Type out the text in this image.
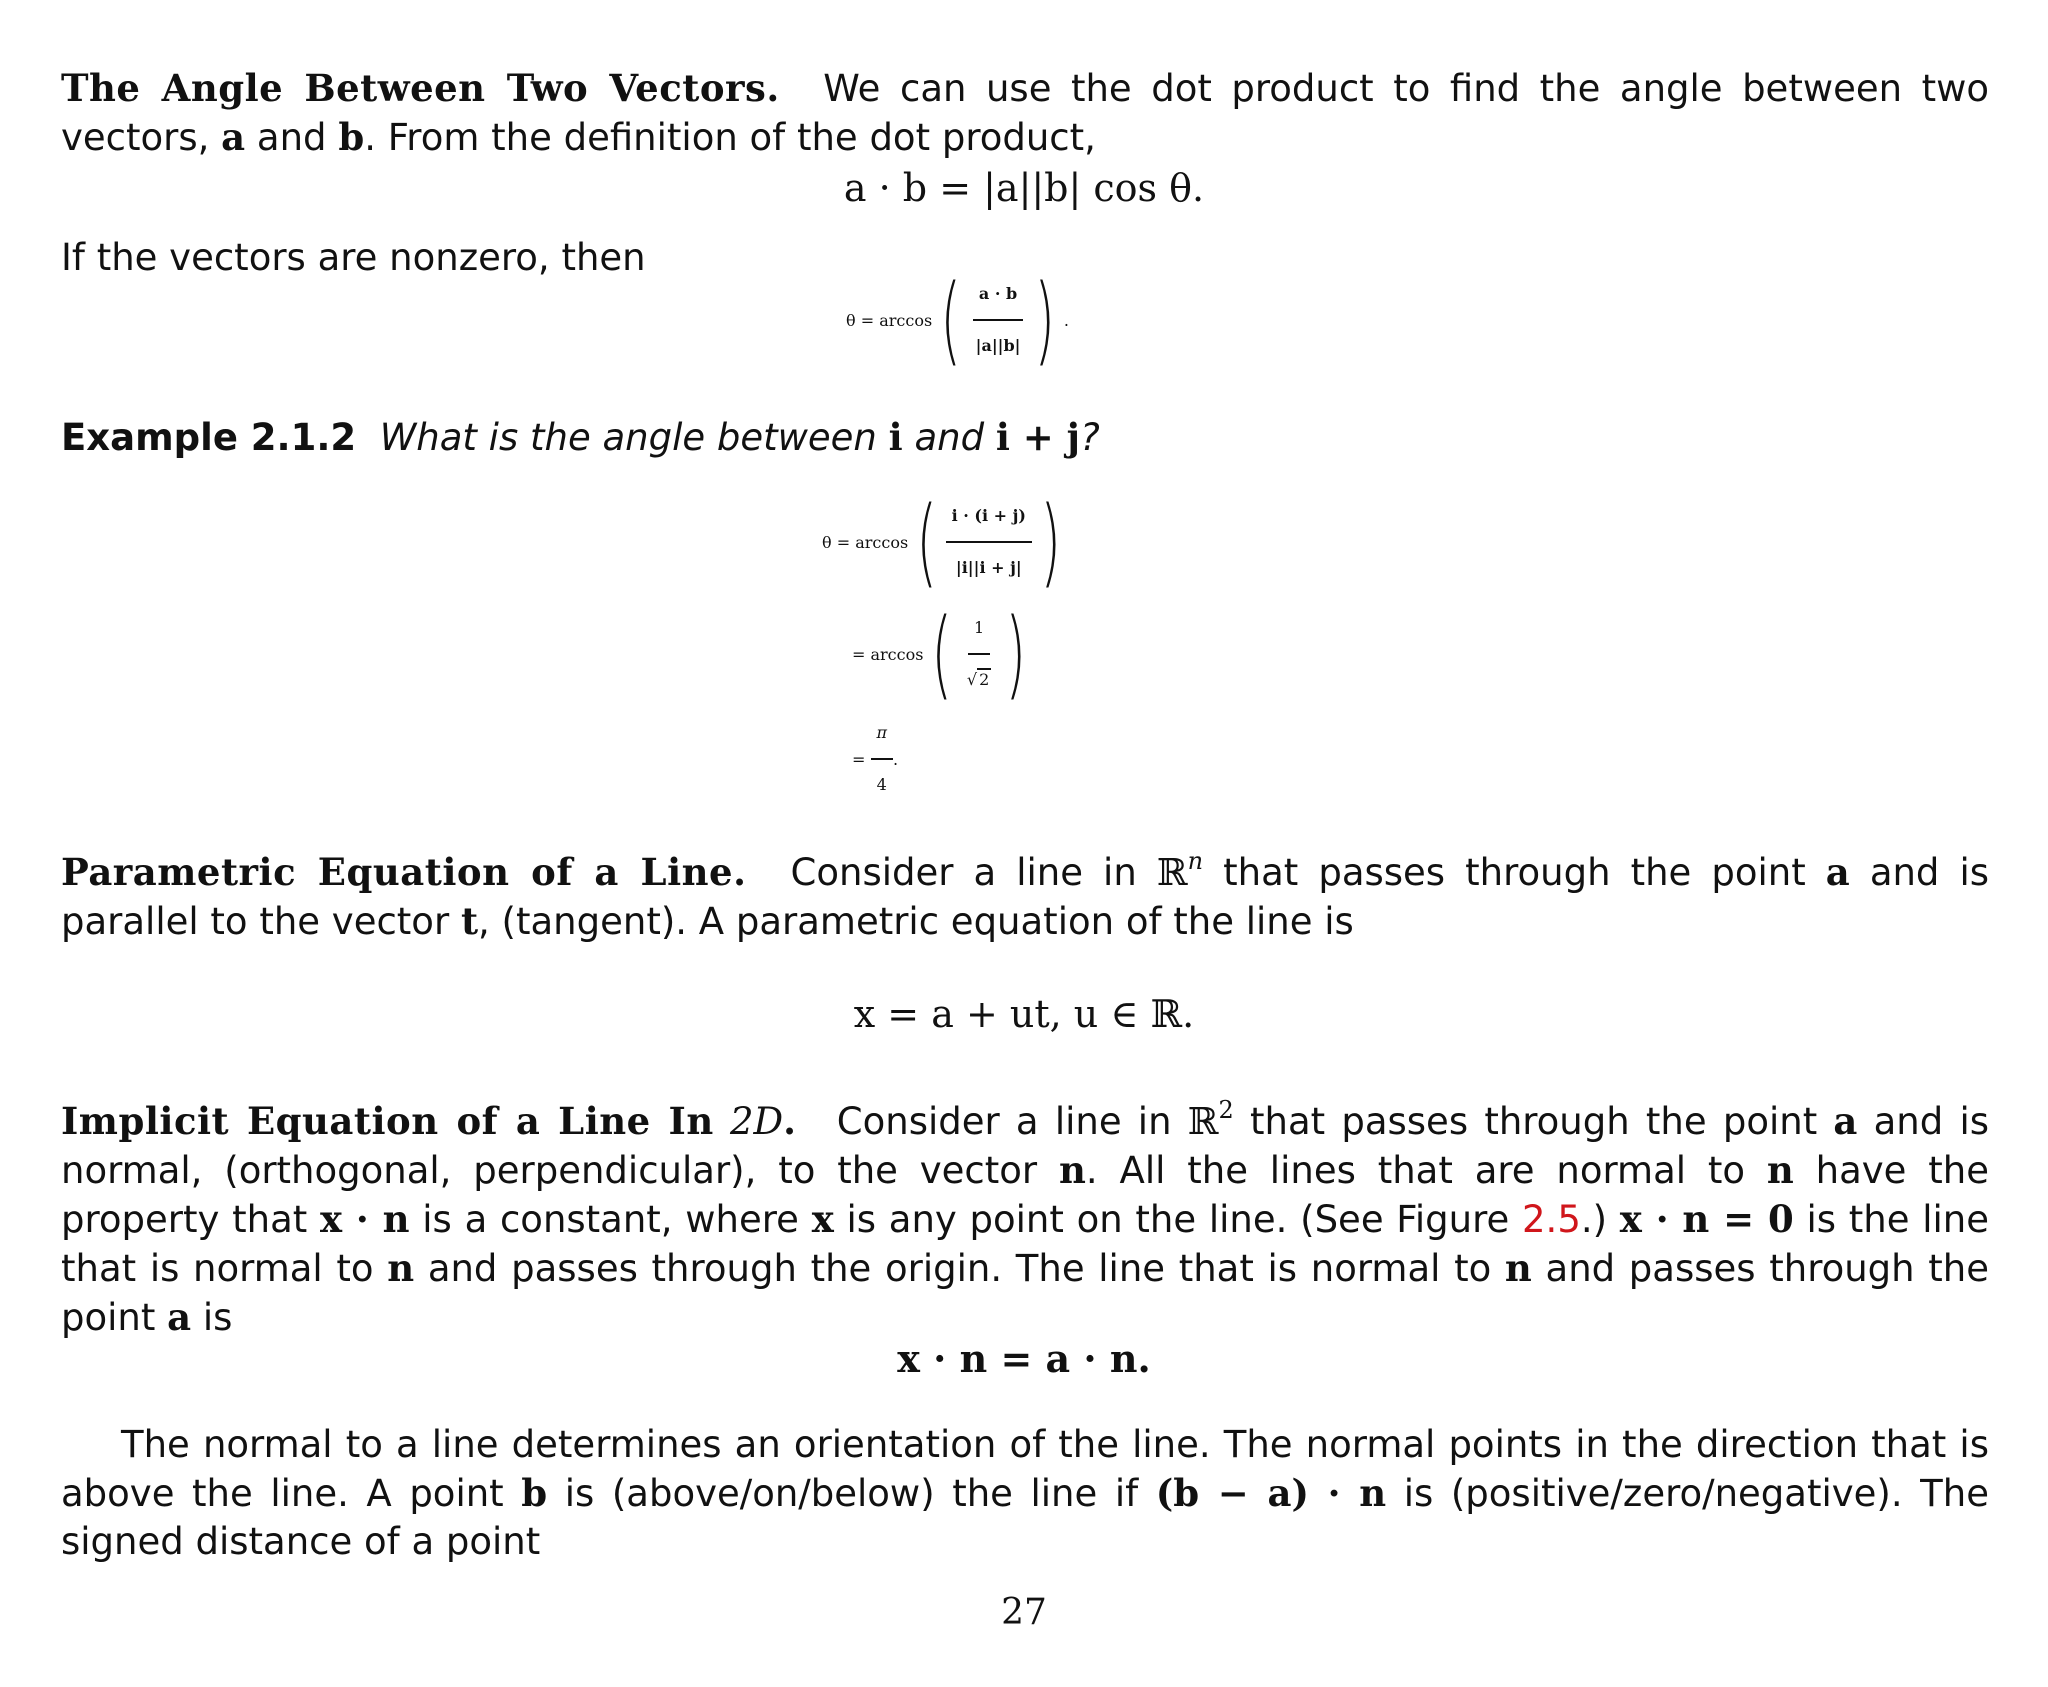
The Angle Between Two Vectors. We can use the dot product to find the angle between two vectors, a and b. From the definition of the dot product,
a · b = |a||b| cos θ.
If the vectors are nonzero, then
θ = arccos ( $\frac{a \cdot b}{|a||b|}$ ) .
Example 2.1.2 What is the angle between i and i + j?
θ = arccos ( $\frac{i \cdot (i + j)}{|i||i + j|}$ )
= arccos ( $\frac{1}{√ 2}$ )
=
$\frac{\pi}{4}$ .
Parametric Equation of a Line. Consider a line in ℝ$^n$ that passes through the point a and is parallel to the vector t, (tangent). A parametric equation of the line is
x = a + ut, u ∈ ℝ.
Implicit Equation of a Line In 2D. Consider a line in ℝ$^2$ that passes through the point a and is normal, (orthogonal, perpendicular), to the vector n. All the lines that are normal to n have the property that x · n is a constant, where x is any point on the line. (See Figure 2.5.) x · n = 0 is the line that is normal to n and passes through the origin. The line that is normal to n and passes through the point a is
x · n = a · n.
The normal to a line determines an orientation of the line. The normal points in the direction that is above the line. A point b is (above/on/below) the line if (b − a) · n is (positive/zero/negative). The signed distance of a point
27
